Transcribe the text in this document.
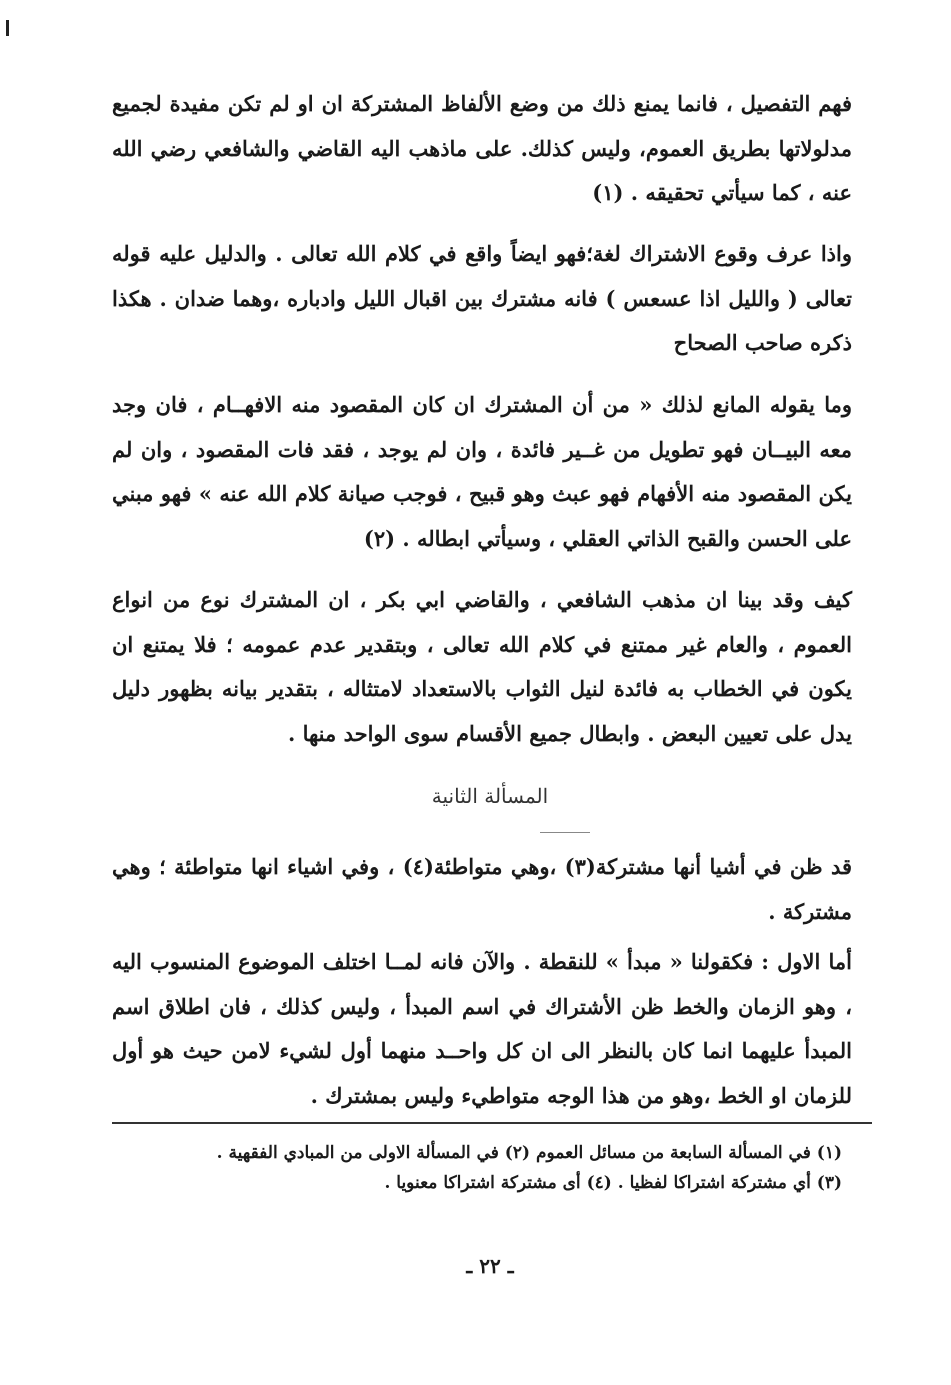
فهم التفصيل ، فانما يمنع ذلك من وضع الألفاظ المشتركة ان او لم تكن مفيدة لجميع مدلولاتها بطريق العموم، وليس كذلك. على ماذهب اليه القاضي والشافعي رضي الله عنه ، كما سيأتي تحقيقه . (١)

واذا عرف وقوع الاشتراك لغة؛فهو ايضاً واقع في كلام الله تعالى . والدليل عليه قوله تعالى ( والليل اذا عسعس ) فانه مشترك بين اقبال الليل وادباره ،وهما ضدان . هكذا ذكره صاحب الصحاح

وما يقوله المانع لذلك « من أن المشترك ان كان المقصود منه الافهــام ، فان وجد معه البيــان فهو تطويل من غــير فائدة ، وان لم يوجد ، فقد فات المقصود ، وان لم يكن المقصود منه الأفهام فهو عبث وهو قبيح ، فوجب صيانة كلام الله عنه » فهو مبني على الحسن والقبح الذاتي العقلي ، وسيأتي ابطاله . (٢)

كيف وقد بينا ان مذهب الشافعي ، والقاضي ابي بكر ، ان المشترك نوع من انواع العموم ، والعام غير ممتنع في كلام الله تعالى ، وبتقدير عدم عمومه ؛ فلا يمتنع ان يكون في الخطاب به فائدة لنيل الثواب بالاستعداد لامتثاله ، بتقدير بيانه بظهور دليل يدل على تعيين البعض . وابطال جميع الأقسام سوى الواحد منها .

المسألة الثانية

قد ظن في أشيا أنها مشتركة(٣) ،وهي متواطئة(٤) ، وفي اشياء انها متواطئة ؛ وهي مشتركة .

أما الاول : فكقولنا « مبدأ » للنقطة . والآن فانه لمــا اختلف الموضوع المنسوب اليه ، وهو الزمان والخط ظن الأشتراك في اسم المبدأ ، وليس كذلك ، فان اطلاق اسم المبدأ عليهما انما كان بالنظر الى ان كل واحــد منهما أول لشيء لامن حيث هو أول للزمان او الخط ،وهو من هذا الوجه متواطيء وليس بمشترك .

(١) في المسألة السابعة من مسائل العموم (٢) في المسألة الاولى من المبادي الفقهية .
(٣) أي مشتركة اشتراكا لفظيا . (٤) أى مشتركة اشتراكا معنويا .
ـ ٢٢ ـ
